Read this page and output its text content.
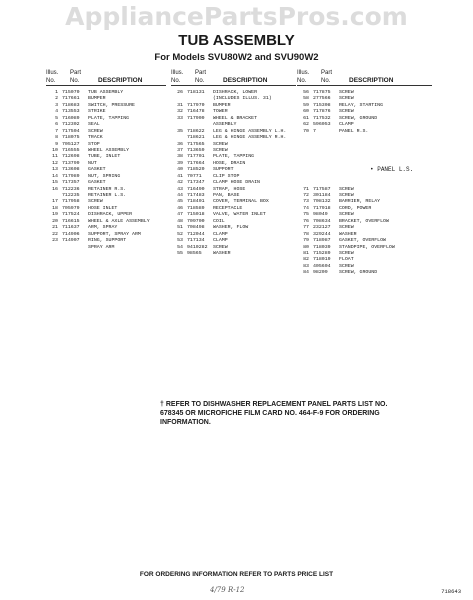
AppliancePartsPros.com
TUB ASSEMBLY
For Models SVU80W2 and SVU90W2
Illus.
No. No.	DESCRIPTION
Part
1 715070 TUB ASSEMBLY
2 717661 BUMPER
3 718683 SWITCH, PRESSURE
4 713553 STRIKE
5 716089 PLATE, TAPPING
6 712302 SEAL
7 717504 SCREW
8 718075 TRACK
9 705127 STOP
10 716555 WHEEL ASSEMBLY
11 712698 TUBE, INLET
12 713799 NUT
13 713608 GASKET
14 717989 NUT, SPRING
15 717357 GASKET
16 712236 RETAINER R.S.
712235 RETAINER L.S.
17 717958 SCREW
18 705979 HOSE INLET
19 717524 DISHRACK, UPPER
20 716615 WHEEL & AXLE ASSEMBLY
21 711637 ARM, SPRAY
22 714906 SUPPORT, SPRAY ARM
23 714907 RING, SUPPORT
SPRAY ARM
Illus.
No. No.	DESCRIPTION
Part
26 718131 DISHRACK, LOWER
(INCLUDES ILLUS. 31)
31 717970 BUMPER
32 716478 TOWER
33 717909 WHEEL & BRACKET
ASSEMBLY
35 718622 LEG & HINGE ASSEMBLY L.H.
718621 LEG & HINGE ASSEMBLY R.H.
36 717565 SCREW
37 713659 SCREW
38 717701 PLATE, TAPPING
39 717664 HOSE, DRAIN
40 718520 SUPPORT
41 70771 CLIP STOP
42 717347 CLAMP HOSE DRAIN
43 716490 STRAP, HOSE
44 717483 PAN, BASE
45 718401 COVER, TERMINAL BOX
46 718589 RECEPTACLE
47 715018 VALVE, WATER INLET
48 709700 COIL
51 708498 WASHER, FLOW
52 712044 CLAMP
53 717134 CLAMP
54 9410282 SCREW
55 98565 WASHER
Illus.
No. No.	DESCRIPTION
Part
56 717875 SCREW
58 277566 SCREW
59 715308 RELAY, STARTING
60 717876 SCREW
61 717532 SCREW, GROUND
62 596053 CLAMP
70 7	PANEL R.S.
71 717587 SCREW
72 301184 SCREW
73 708132 BARRIER, RELAY
74 717918 CORD, POWER
75 98049 SCREW
76 708634 BRACKET, OVERFLOW
77 232127 SCREW
78 329244 WASHER
79 718987 GASKET, OVERFLOW
80 718039 STANDPIPE, OVERFLOW
81 715289 SCREW
82 718019 FLOAT
83 405604 SCREW
84 98209 SCREW, GROUND
• PANEL L.S.
† REFER TO DISHWASHER REPLACEMENT PANEL PARTS LIST NO. 678345 OR MICROFICHE FILM CARD NO. 464-F-9 FOR ORDERING INFORMATION.
FOR ORDERING INFORMATION REFER TO PARTS PRICE LIST
4/79 R-12	718643
